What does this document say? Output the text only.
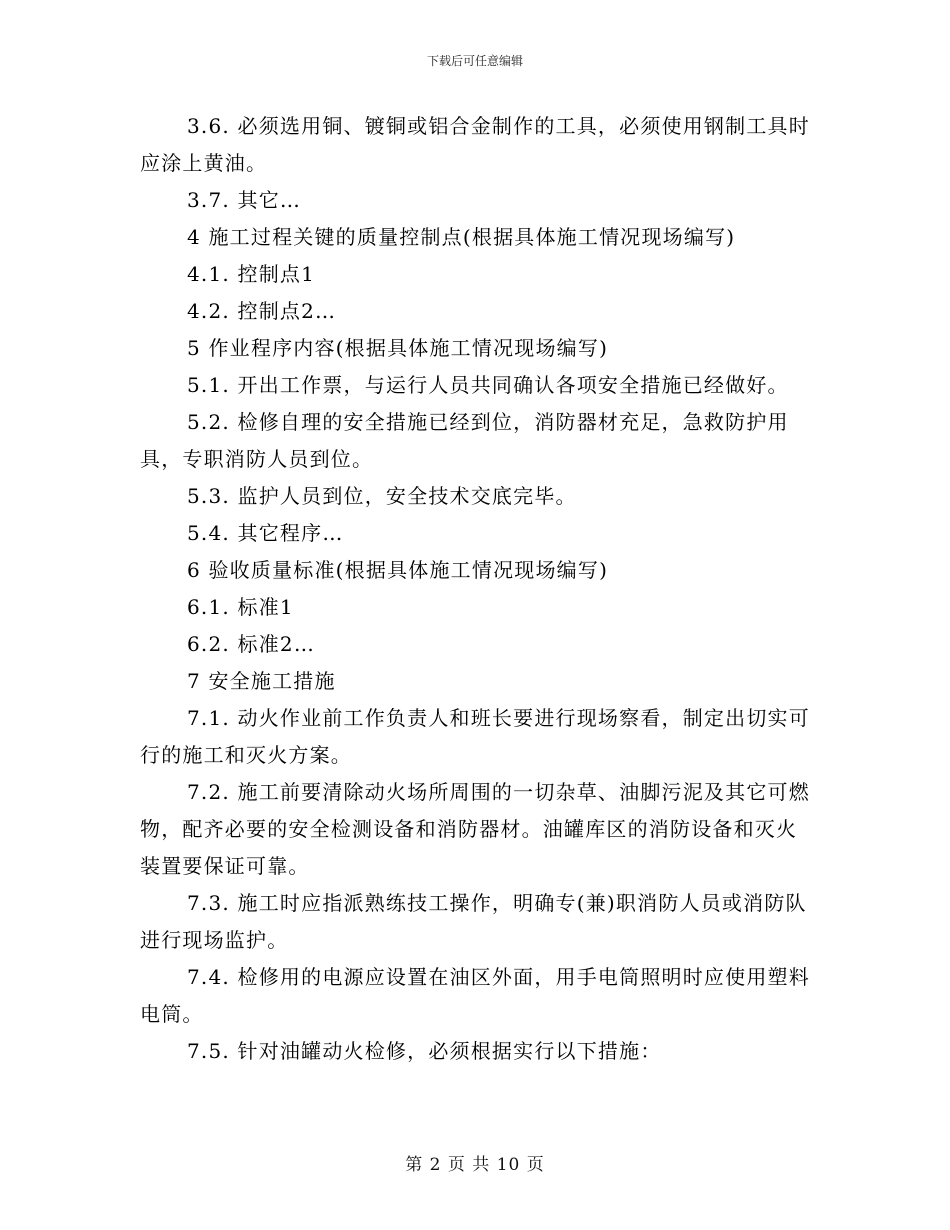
下载后可任意编辑

3.6. 必须选用铜、镀铜或铝合金制作的工具，必须使用钢制工具时应涂上黄油。

3.7. 其它…

4 施工过程关键的质量控制点(根据具体施工情况现场编写)

4.1. 控制点1

4.2. 控制点2…

5 作业程序内容(根据具体施工情况现场编写)

5.1. 开出工作票，与运行人员共同确认各项安全措施已经做好。

5.2. 检修自理的安全措施已经到位，消防器材充足，急救防护用具，专职消防人员到位。

5.3. 监护人员到位，安全技术交底完毕。

5.4. 其它程序…

6 验收质量标准(根据具体施工情况现场编写)

6.1. 标准1

6.2. 标准2…

7 安全施工措施

7.1. 动火作业前工作负责人和班长要进行现场察看，制定出切实可行的施工和灭火方案。

7.2. 施工前要清除动火场所周围的一切杂草、油脚污泥及其它可燃物，配齐必要的安全检测设备和消防器材。油罐库区的消防设备和灭火装置要保证可靠。

7.3. 施工时应指派熟练技工操作，明确专(兼)职消防人员或消防队进行现场监护。

7.4. 检修用的电源应设置在油区外面，用手电筒照明时应使用塑料电筒。

7.5. 针对油罐动火检修，必须根据实行以下措施：

第 2 页 共 10 页
